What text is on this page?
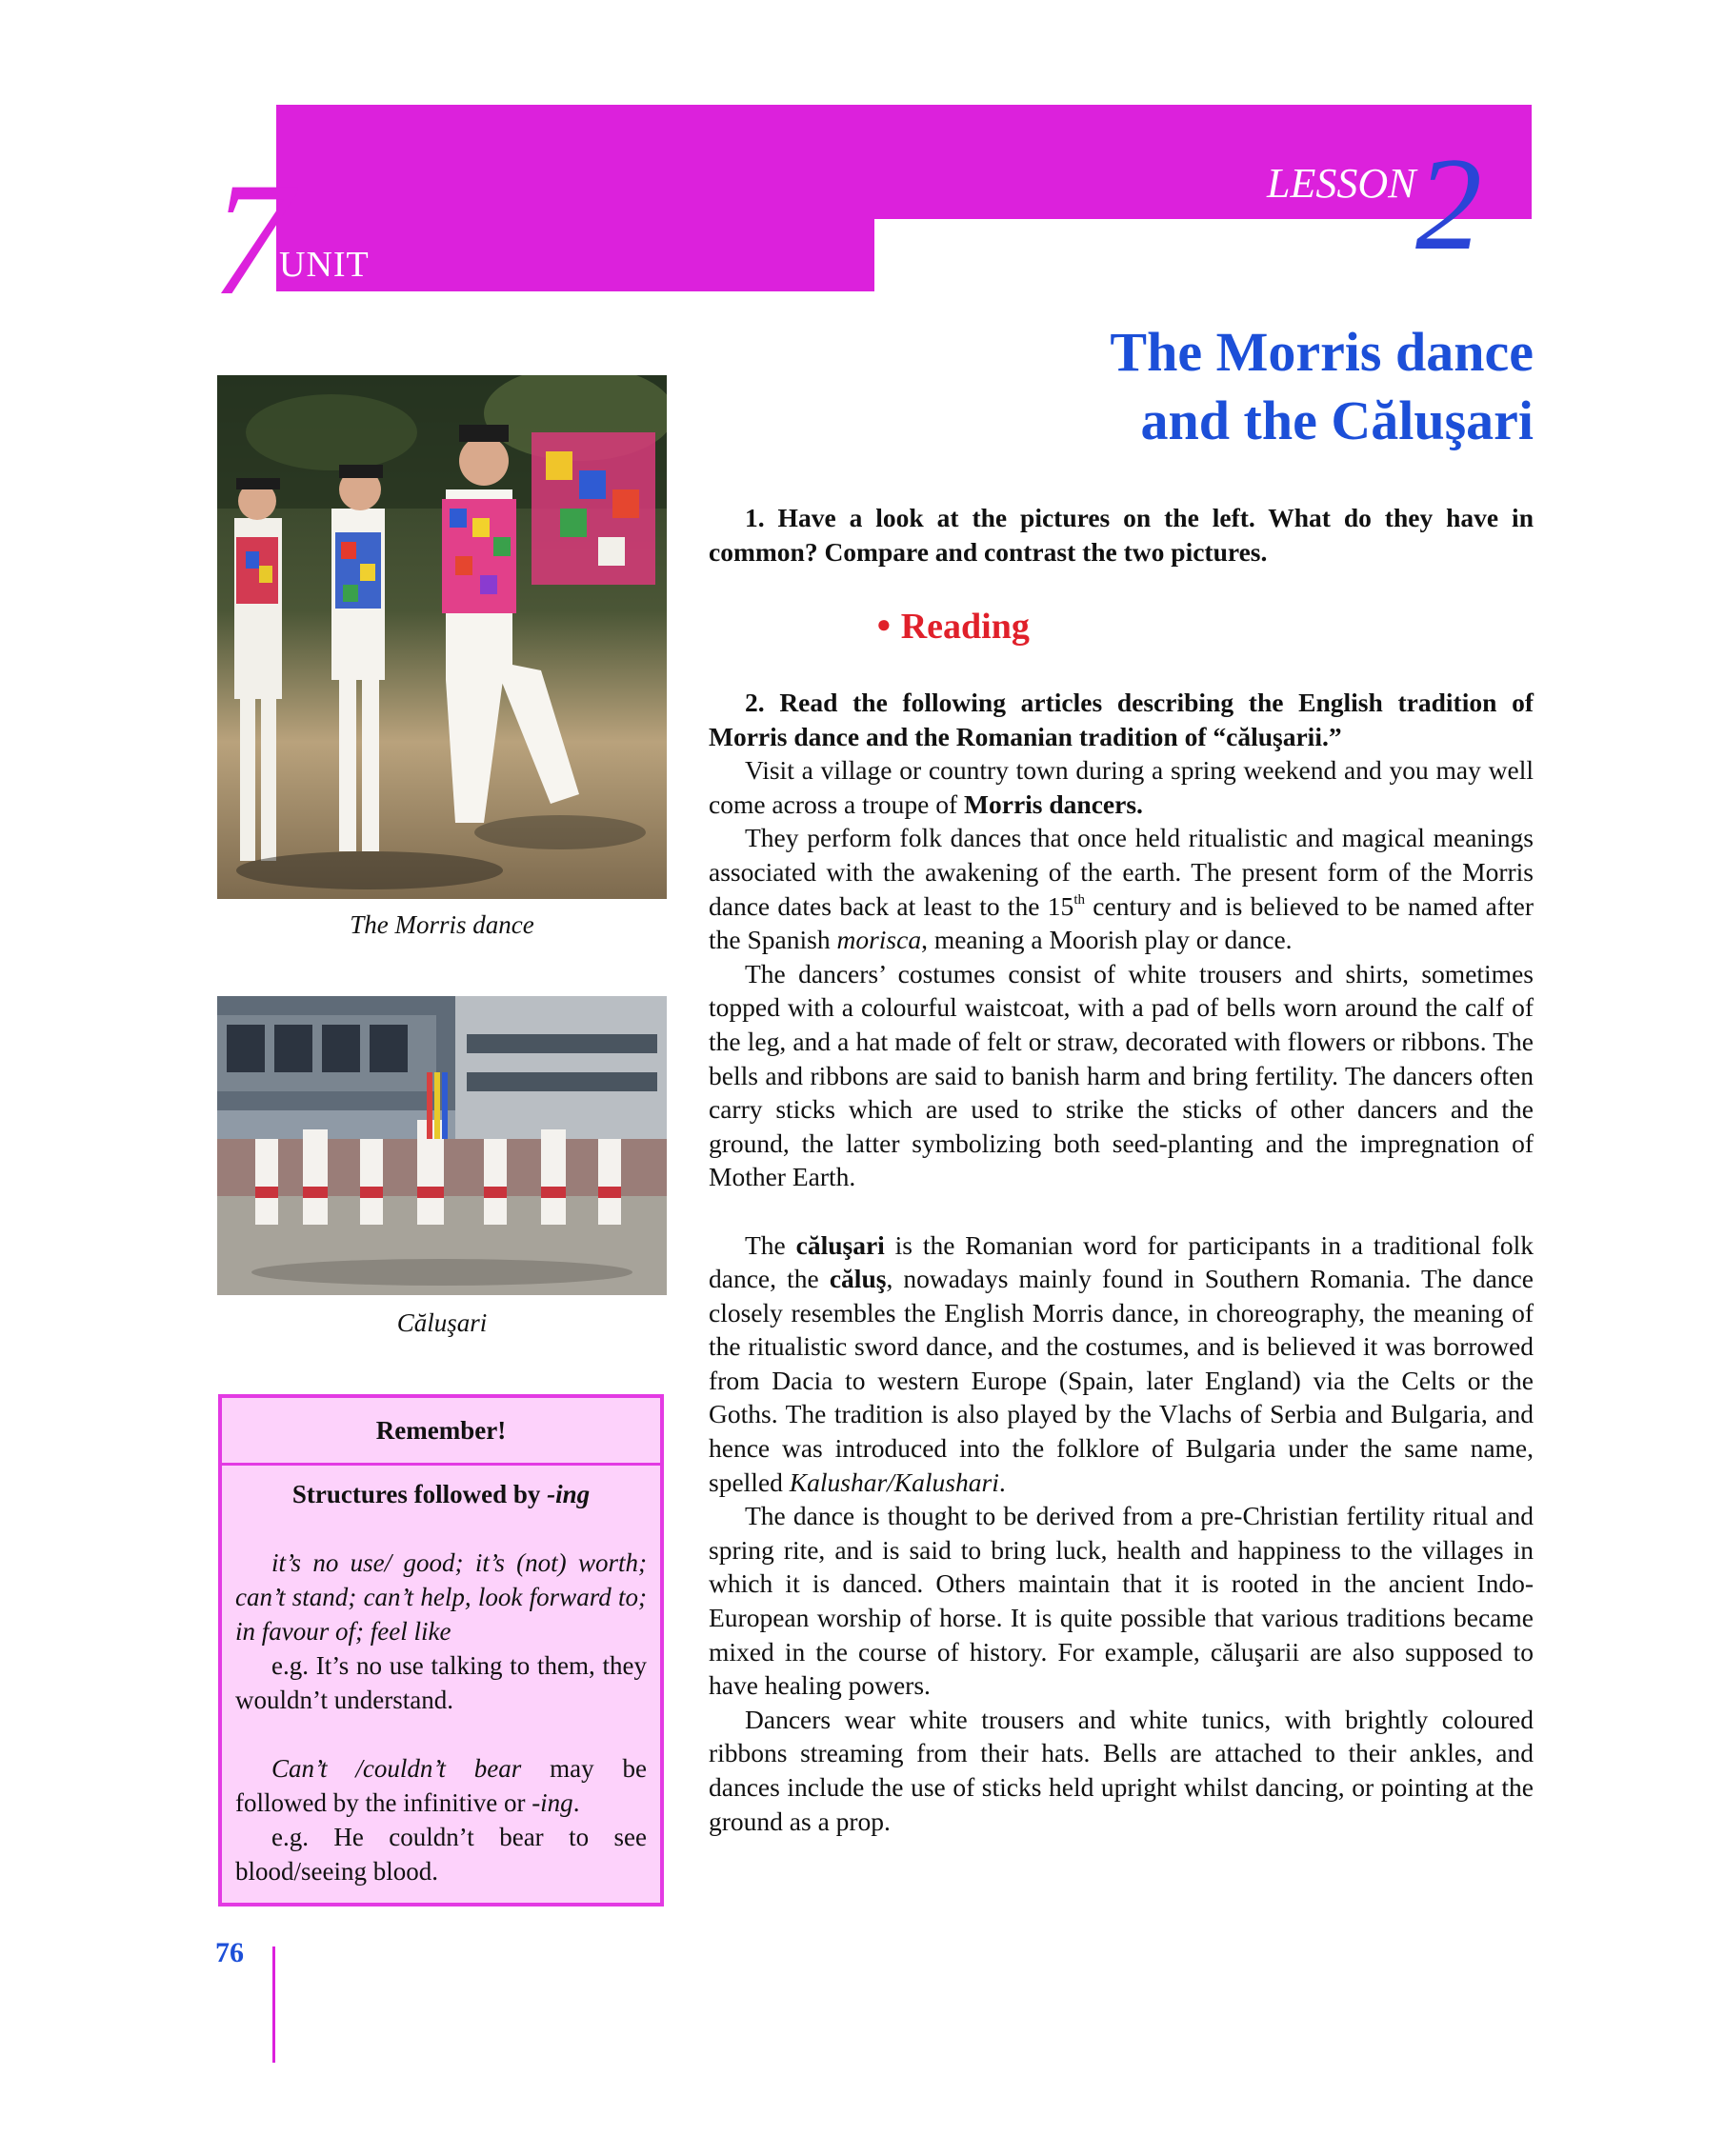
7
UNIT
LESSON 2
The Morris dance
and the Căluşari
The Morris dance
Căluşari
Remember!

Structures followed by -ing

it’s no use/ good; it’s (not) worth; can’t stand; can’t help, look forward to; in favour of; feel like

e.g. It’s no use talking to them, they wouldn’t understand.

Can’t /couldn’t bear may be followed by the infinitive or -ing.

e.g. He couldn’t bear to see blood/seeing blood.

76

1. Have a look at the pictures on the left. What do they have in common? Compare and contrast the two pictures.

● Reading

2. Read the following articles describing the English tradition of Morris dance and the Romanian tradition of “căluşarii.”

Visit a village or country town during a spring weekend and you may well come across a troupe of Morris dancers.

They perform folk dances that once held ritualistic and magical meanings associated with the awakening of the earth. The present form of the Morris dance dates back at least to the 15th century and is believed to be named after the Spanish morisca, meaning a Moorish play or dance.

The dancers’ costumes consist of white trousers and shirts, sometimes topped with a colourful waistcoat, with a pad of bells worn around the calf of the leg, and a hat made of felt or straw, decorated with flowers or ribbons. The bells and ribbons are said to banish harm and bring fertility. The dancers often carry sticks which are used to strike the sticks of other dancers and the ground, the latter symbolizing both seed-planting and the impregnation of Mother Earth.

The căluşari is the Romanian word for participants in a traditional folk dance, the căluş, nowadays mainly found in Southern Romania. The dance closely resembles the English Morris dance, in choreography, the meaning of the ritualistic sword dance, and the costumes, and is believed it was borrowed from Dacia to western Europe (Spain, later England) via the Celts or the Goths. The tradition is also played by the Vlachs of Serbia and Bulgaria, and hence was introduced into the folklore of Bulgaria under the same name, spelled Kalushar/Kalushari.

The dance is thought to be derived from a pre-Christian fertility ritual and spring rite, and is said to bring luck, health and happiness to the villages in which it is danced. Others maintain that it is rooted in the ancient Indo-European worship of horse. It is quite possible that various traditions became mixed in the course of history. For example, căluşarii are also supposed to have healing powers.

Dancers wear white trousers and white tunics, with brightly coloured ribbons streaming from their hats. Bells are attached to their ankles, and dances include the use of sticks held upright whilst dancing, or pointing at the ground as a prop.
